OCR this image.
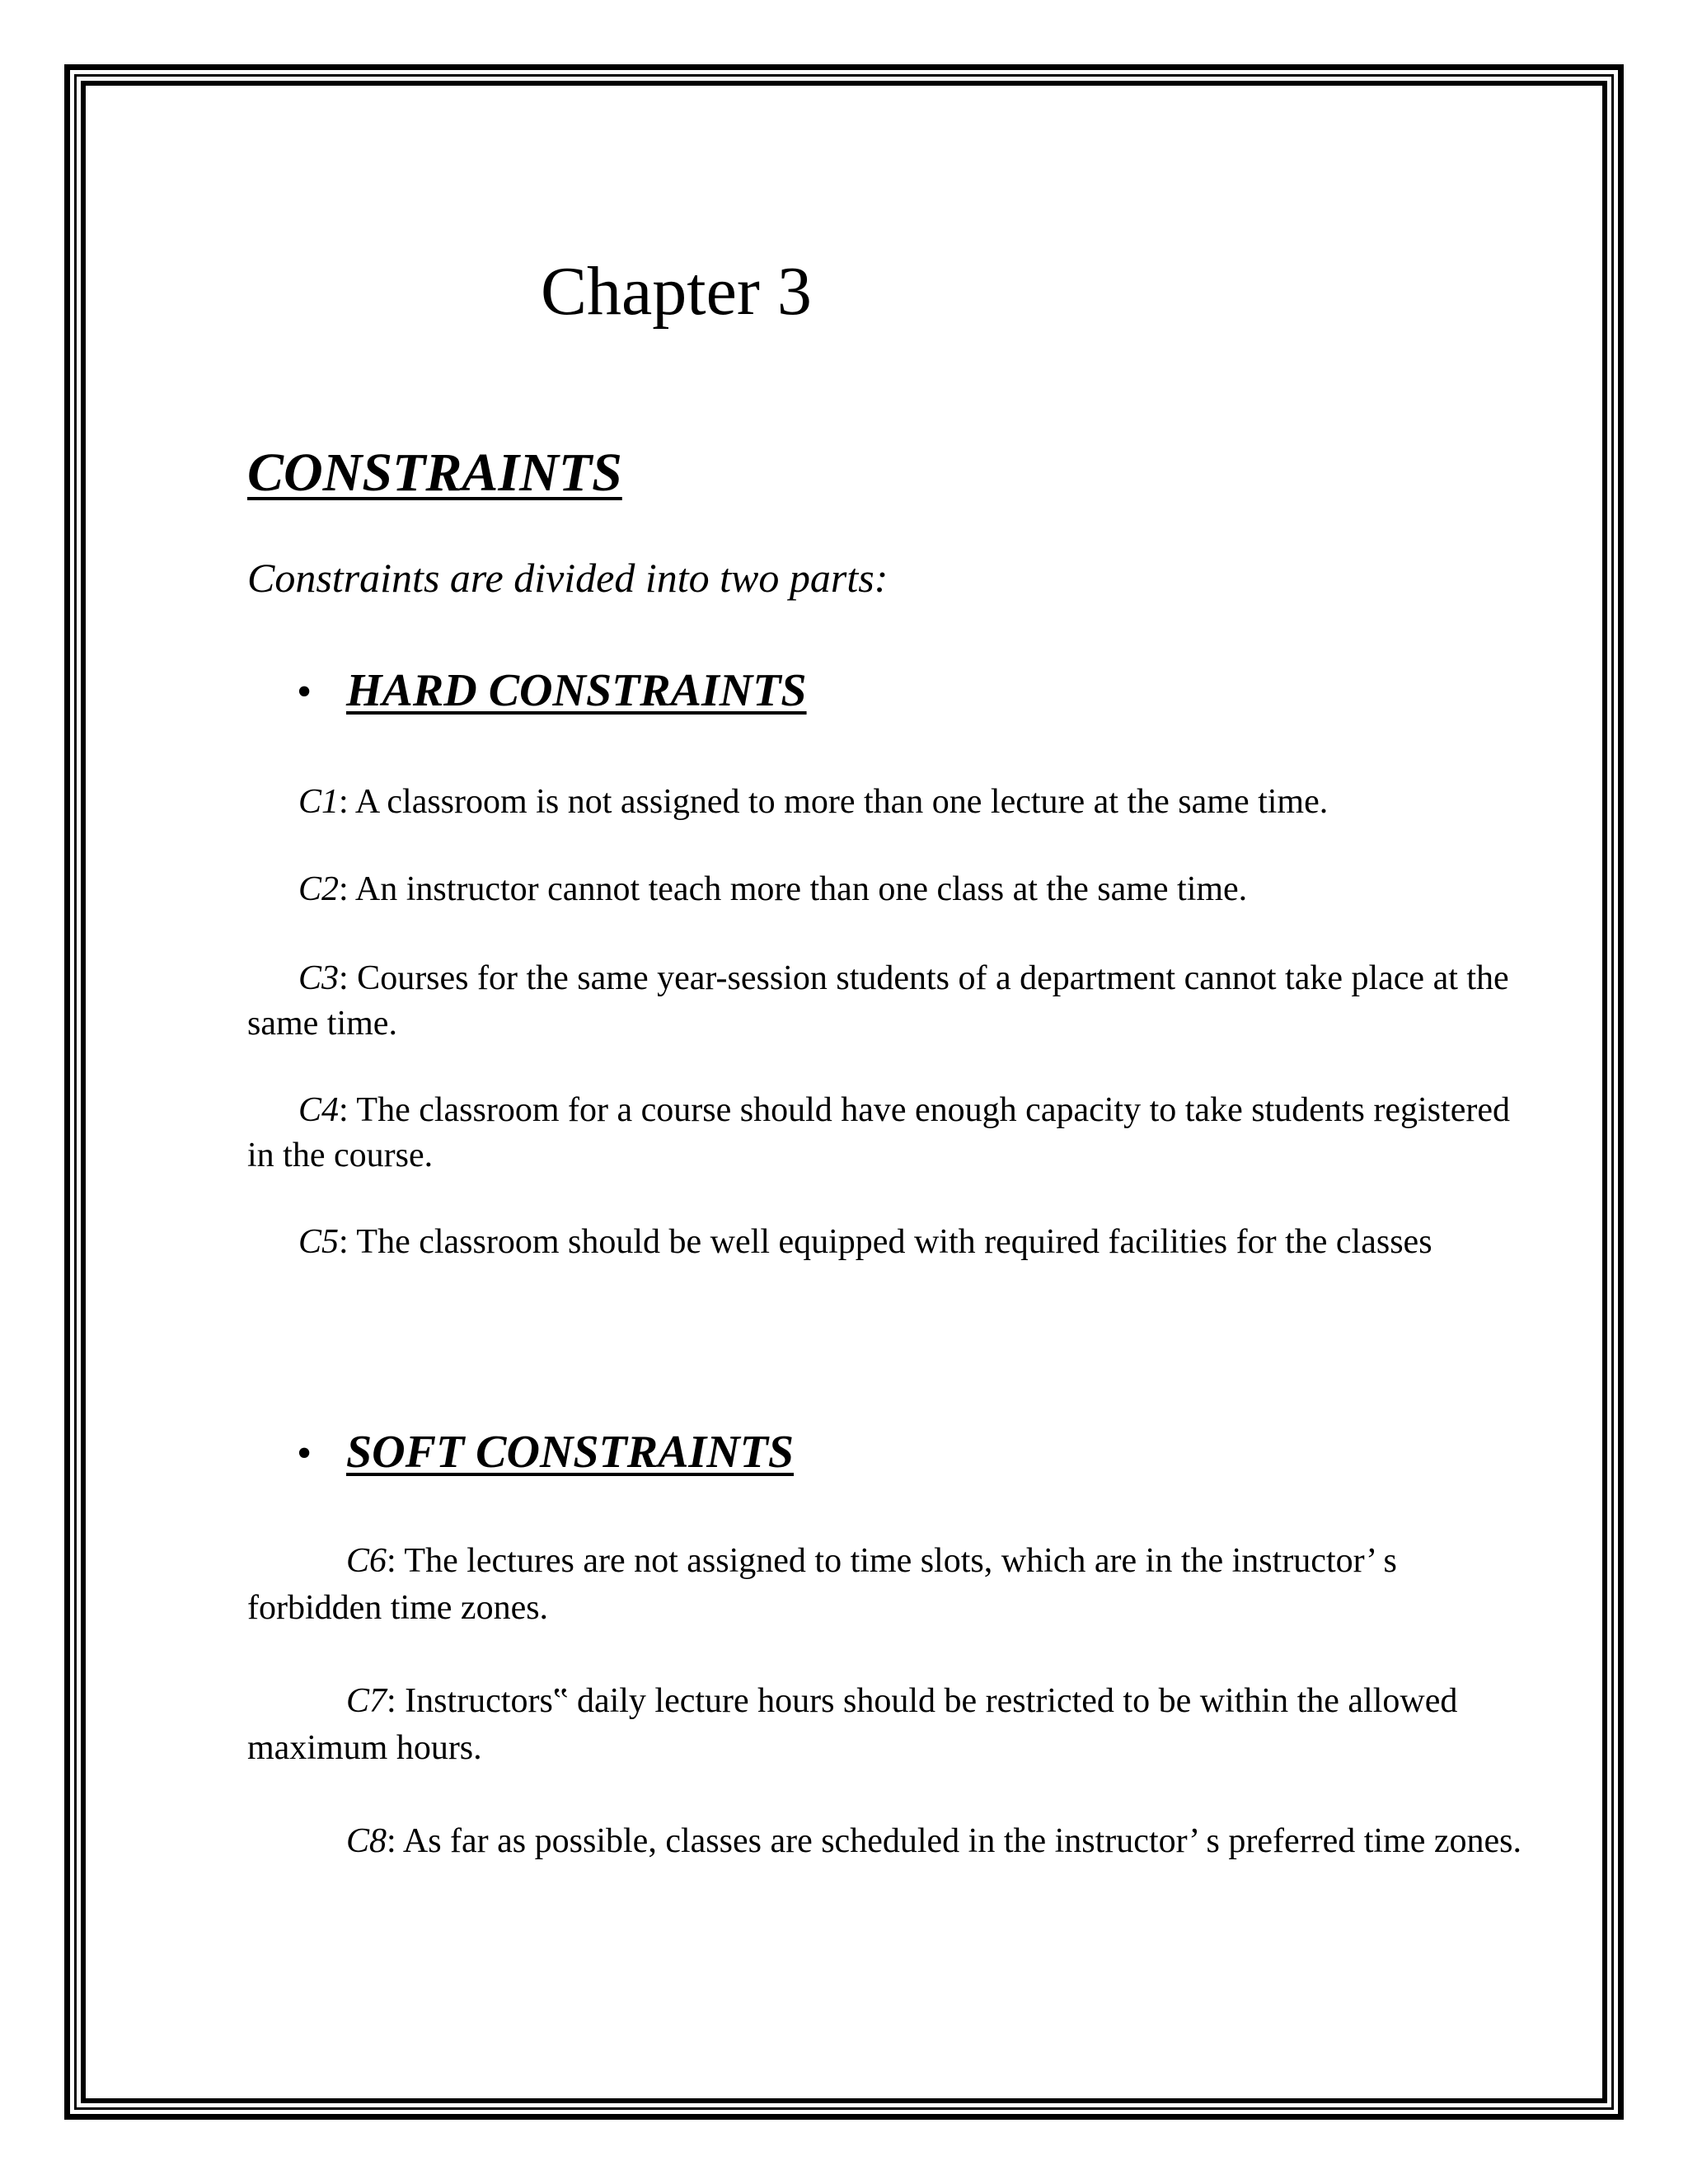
Chapter 3
CONSTRAINTS
Constraints are divided into two parts:
• HARD CONSTRAINTS
C1: A classroom is not assigned to more than one lecture at the same time.
C2: An instructor cannot teach more than one class at the same time.
C3: Courses for the same year-session students of a department cannot take place at the same time.
C4: The classroom for a course should have enough capacity to take students registered in the course.
C5: The classroom should be well equipped with required facilities for the classes
• SOFT CONSTRAINTS
C6: The lectures are not assigned to time slots, which are in the instructor’ s forbidden time zones.
C7: Instructors‟ daily lecture hours should be restricted to be within the allowed maximum hours.
C8: As far as possible, classes are scheduled in the instructor’ s preferred time zones.
